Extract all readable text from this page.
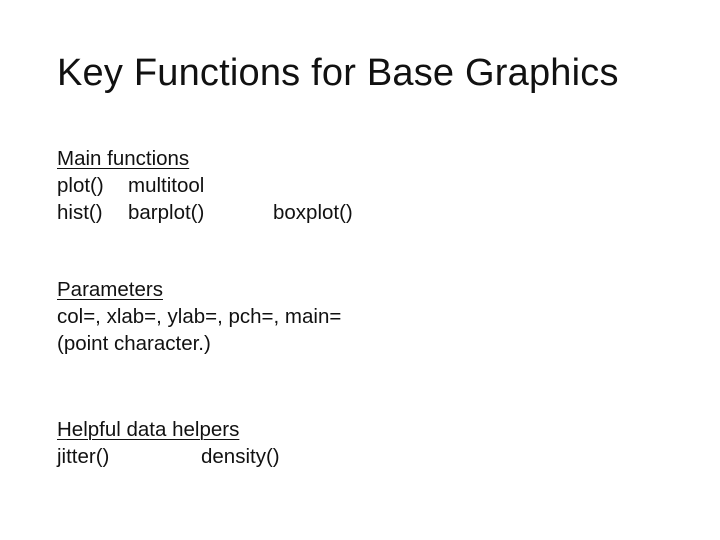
Key Functions for Base Graphics
Main functions
plot() multitool
hist() barplot()	boxplot()
Parameters
col=, xlab=, ylab=, pch=, main=
(point character.)
Helpful data helpers
jitter()	density()
